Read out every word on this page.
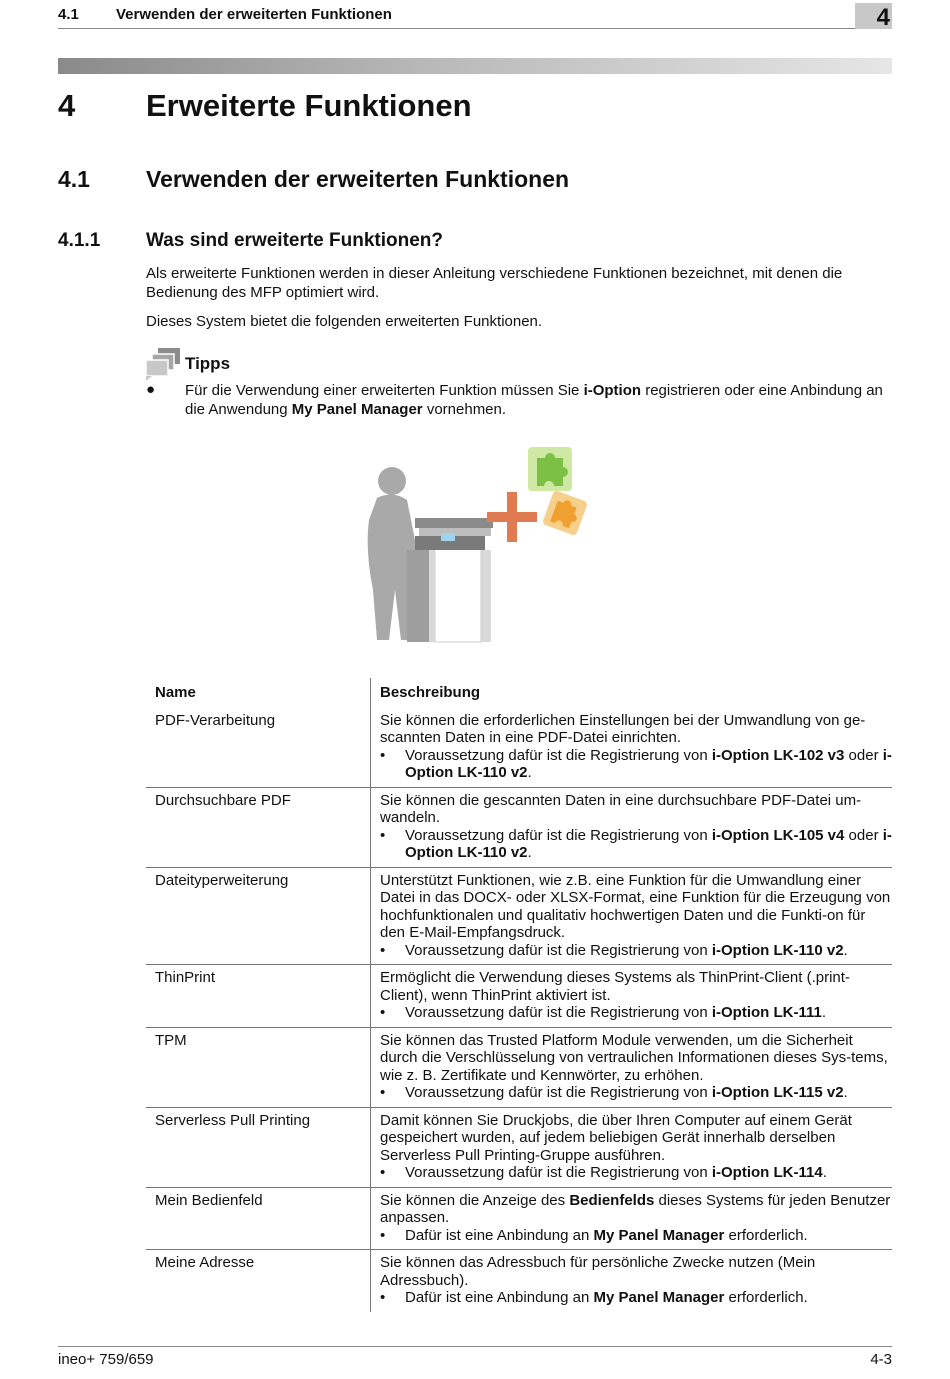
4.1 Verwenden der erweiterten Funktionen	4
4 Erweiterte Funktionen
4.1 Verwenden der erweiterten Funktionen
4.1.1 Was sind erweiterte Funktionen?
Als erweiterte Funktionen werden in dieser Anleitung verschiedene Funktionen bezeichnet, mit denen die Bedienung des MFP optimiert wird.
Dieses System bietet die folgenden erweiterten Funktionen.
Tipps
● Für die Verwendung einer erweiterten Funktion müssen Sie i-Option registrieren oder eine Anbindung an die Anwendung My Panel Manager vornehmen.
Name	Beschreibung
PDF-Verarbeitung	Sie können die erforderlichen Einstellungen bei der Umwandlung von ge-scannten Daten in eine PDF-Datei einrichten.
• Voraussetzung dafür ist die Registrierung von i-Option LK-102 v3 oder i-Option LK-110 v2.

Durchsuchbare PDF	Sie können die gescannten Daten in eine durchsuchbare PDF-Datei um-wandeln.
• Voraussetzung dafür ist die Registrierung von i-Option LK-105 v4 oder i-Option LK-110 v2.

Dateityperweiterung	Unterstützt Funktionen, wie z.B. eine Funktion für die Umwandlung einer Datei in das DOCX- oder XLSX-Format, eine Funktion für die Erzeugung von hochfunktionalen und qualitativ hochwertigen Daten und die Funkti-on für den E-Mail-Empfangsdruck.
• Voraussetzung dafür ist die Registrierung von i-Option LK-110 v2.

ThinPrint	Ermöglicht die Verwendung dieses Systems als ThinPrint-Client (.print-Client), wenn ThinPrint aktiviert ist.
• Voraussetzung dafür ist die Registrierung von i-Option LK-111.

TPM	Sie können das Trusted Platform Module verwenden, um die Sicherheit durch die Verschlüsselung von vertraulichen Informationen dieses Sys-tems, wie z. B. Zertifikate und Kennwörter, zu erhöhen.
• Voraussetzung dafür ist die Registrierung von i-Option LK-115 v2.

Serverless Pull Printing	Damit können Sie Druckjobs, die über Ihren Computer auf einem Gerät gespeichert wurden, auf jedem beliebigen Gerät innerhalb derselben Serverless Pull Printing-Gruppe ausführen.
• Voraussetzung dafür ist die Registrierung von i-Option LK-114.

Mein Bedienfeld	Sie können die Anzeige des Bedienfelds dieses Systems für jeden Benutzer anpassen.
• Dafür ist eine Anbindung an My Panel Manager erforderlich.

Meine Adresse	Sie können das Adressbuch für persönliche Zwecke nutzen (Mein Adressbuch).
• Dafür ist eine Anbindung an My Panel Manager erforderlich.
ineo+ 759/659	4-3
